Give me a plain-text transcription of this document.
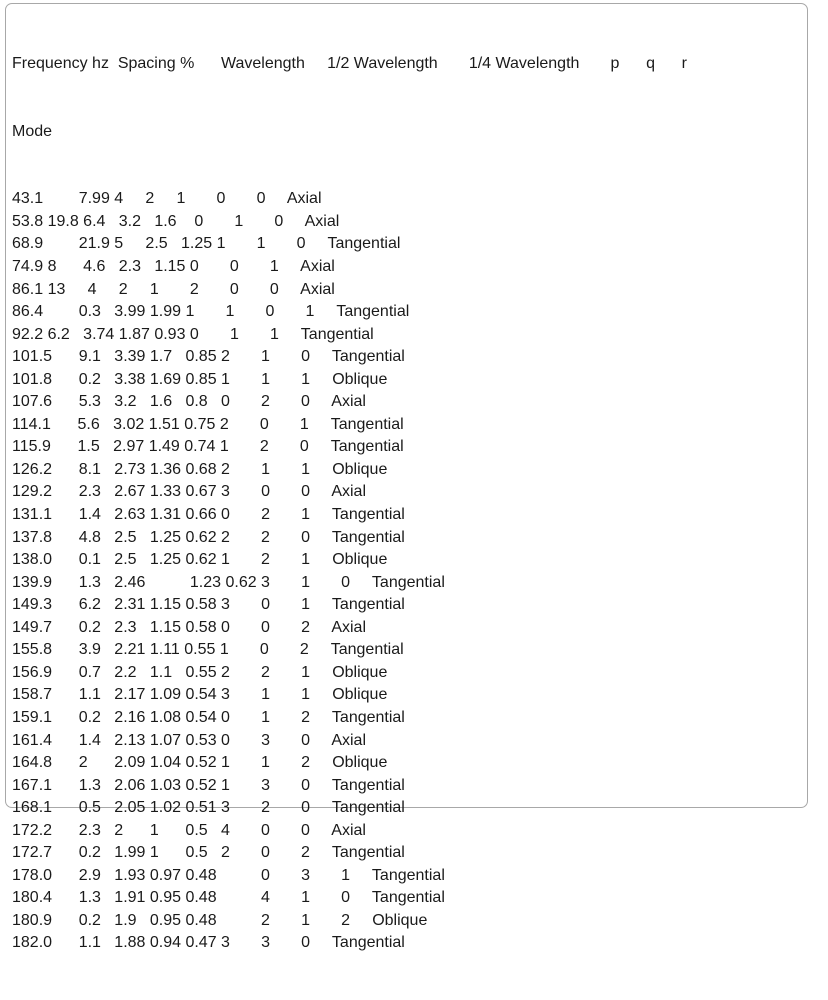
Frequency hz  Spacing %      Wavelength     1/2 Wavelength       1/4 Wavelength       p      q      r

Mode

43.1        7.99 4     2     1       0       0     Axial
53.8 19.8 6.4   3.2   1.6    0       1       0     Axial
68.9        21.9 5     2.5   1.25 1       1       0     Tangential
74.9 8      4.6   2.3   1.15 0       0       1     Axial
86.1 13     4     2     1       2       0       0     Axial
86.4        0.3   3.99 1.99 1       1       0       1     Tangential
92.2 6.2   3.74 1.87 0.93 0       1       1     Tangential
101.5      9.1   3.39 1.7   0.85 2       1       0     Tangential
101.8      0.2   3.38 1.69 0.85 1       1       1     Oblique
107.6      5.3   3.2   1.6   0.8   0       2       0     Axial
114.1      5.6   3.02 1.51 0.75 2       0       1     Tangential
115.9      1.5   2.97 1.49 0.74 1       2       0     Tangential
126.2      8.1   2.73 1.36 0.68 2       1       1     Oblique
129.2      2.3   2.67 1.33 0.67 3       0       0     Axial
131.1      1.4   2.63 1.31 0.66 0       2       1     Tangential
137.8      4.8   2.5   1.25 0.62 2       2       0     Tangential
138.0      0.1   2.5   1.25 0.62 1       2       1     Oblique
139.9      1.3   2.46          1.23 0.62 3       1       0     Tangential
149.3      6.2   2.31 1.15 0.58 3       0       1     Tangential
149.7      0.2   2.3   1.15 0.58 0       0       2     Axial
155.8      3.9   2.21 1.11 0.55 1       0       2     Tangential
156.9      0.7   2.2   1.1   0.55 2       2       1     Oblique
158.7      1.1   2.17 1.09 0.54 3       1       1     Oblique
159.1      0.2   2.16 1.08 0.54 0       1       2     Tangential
161.4      1.4   2.13 1.07 0.53 0       3       0     Axial
164.8      2      2.09 1.04 0.52 1       1       2     Oblique
167.1      1.3   2.06 1.03 0.52 1       3       0     Tangential
168.1      0.5   2.05 1.02 0.51 3       2       0     Tangential
172.2      2.3   2      1      0.5   4       0       0     Axial
172.7      0.2   1.99 1      0.5   2       0       2     Tangential
178.0      2.9   1.93 0.97 0.48          0       3       1     Tangential
180.4      1.3   1.91 0.95 0.48          4       1       0     Tangential
180.9      0.2   1.9   0.95 0.48          2       1       2     Oblique
182.0      1.1   1.88 0.94 0.47 3       3       0     Tangential
